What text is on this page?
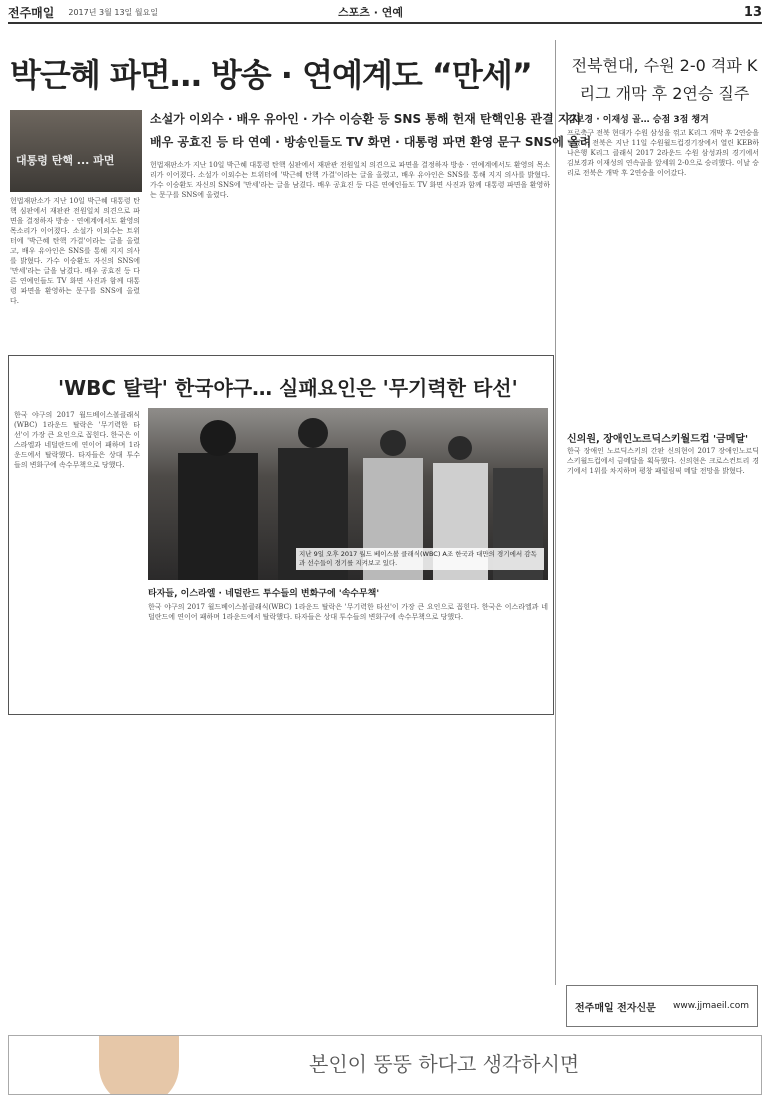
전주매일 2017년 3월 13일 월요일	스포츠 · 연예	13
박근혜 파면… 방송 · 연예계도 “만세” 전북현대, 수원 2-0 격파 K리그 개막 후 2연승 질주
김보경 · 이재성 골… 승점 3점 챙겨
프로축구 전북 현대가 수원 삼성을 꺾고 K리그 개막 후 2연승을 달렸다. 전북은 지난 11일 수원월드컵경기장에서 열린 KEB하나은행 K리그 클래식 2017 2라운드 수원 삼성과의 경기에서 김보경과 이재성의 연속골을 앞세워 2-0으로 승리했다. 이날 승리로 전북은 개막 후 2연승을 이어갔다.
소설가 이외수 · 배우 유아인 · 가수 이승환 등 SNS 통해 헌재 탄핵인용 관결 지지
배우 공효진 등 타 연예 · 방송인들도 TV 화면 · 대통령 파면 환영 문구 SNS에 올려
대통령 탄핵 ... 파면
헌법재판소가 지난 10일 박근혜 대통령 탄핵 심판에서 재판관 전원일치 의견으로 파면을 결정하자 방송 · 연예계에서도 환영의 목소리가 이어졌다. 소설가 이외수는 트위터에 '박근혜 탄핵 가결'이라는 글을 올렸고, 배우 유아인은 SNS를 통해 지지 의사를 밝혔다. 가수 이승환도 자신의 SNS에 '만세'라는 글을 남겼다. 배우 공효진 등 다른 연예인들도 TV 화면 사진과 함께 대통령 파면을 환영하는 문구를 SNS에 올렸다.
헌법재판소가 지난 10일 박근혜 대통령 탄핵 심판에서 재판관 전원일치 의견으로 파면을 결정하자 방송 · 연예계에서도 환영의 목소리가 이어졌다. 소설가 이외수는 트위터에 '박근혜 탄핵 가결'이라는 글을 올렸고, 배우 유아인은 SNS를 통해 지지 의사를 밝혔다. 가수 이승환도 자신의 SNS에 '만세'라는 글을 남겼다. 배우 공효진 등 다른 연예인들도 TV 화면 사진과 함께 대통령 파면을 환영하는 문구를 SNS에 올렸다.
'WBC 탈락' 한국야구… 실패요인은 '무기력한 타선'
한국 야구의 2017 월드베이스볼클래식(WBC) 1라운드 탈락은 '무기력한 타선'이 가장 큰 요인으로 꼽힌다. 한국은 이스라엘과 네덜란드에 연이어 패하며 1라운드에서 탈락했다. 타자들은 상대 투수들의 변화구에 속수무책으로 당했다.
지난 9일 오후 2017 월드 베이스볼 클래식(WBC) A조 한국과 대만의 경기에서 감독과 선수들이 경기를 지켜보고 있다.
타자들, 이스라엘 · 네덜란드 투수들의 변화구에 '속수무책'
한국 야구의 2017 월드베이스볼클래식(WBC) 1라운드 탈락은 '무기력한 타선'이 가장 큰 요인으로 꼽힌다. 한국은 이스라엘과 네덜란드에 연이어 패하며 1라운드에서 탈락했다. 타자들은 상대 투수들의 변화구에 속수무책으로 당했다.
신의원, 장애인노르딕스키월드컵 '금메달'
한국 장애인 노르딕스키의 간판 신의현이 2017 장애인노르딕스키월드컵에서 금메달을 획득했다. 신의현은 크로스컨트리 경기에서 1위를 차지하며 평창 패럴림픽 메달 전망을 밝혔다.
전주매일 전자신문 www.jjmaeil.com
본인이 뚱뚱 하다고 생각하시면
